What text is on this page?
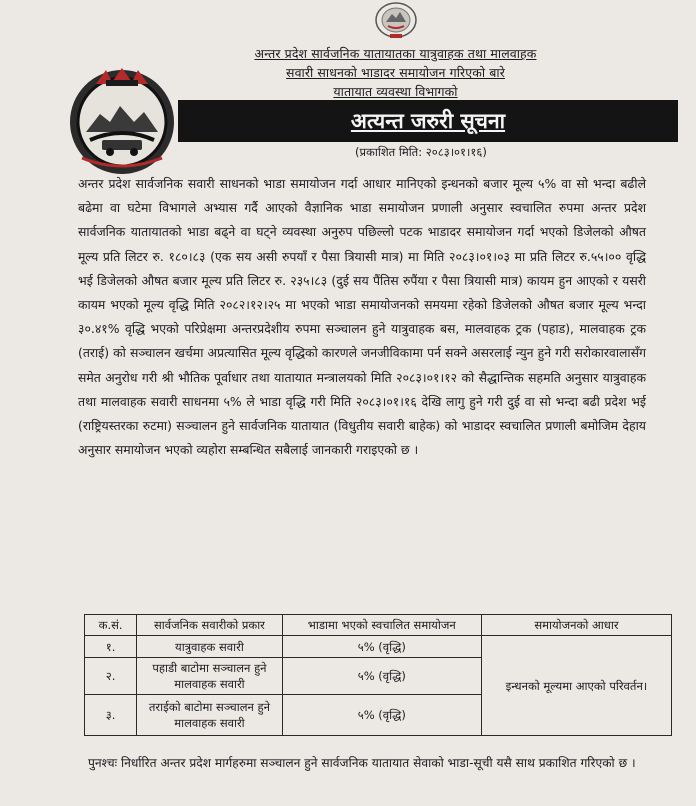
अन्तर प्रदेश सार्वजनिक यातायातका यात्रुवाहक तथा मालवाहक
सवारी साधनको भाडादर समायोजन गरिएको बारे
यातायात व्यवस्था विभागको
अत्यन्त जरुरी सूचना
(प्रकाशित मिति: २०८३।०१।१६)
अन्तर प्रदेश सार्वजनिक सवारी साधनको भाडा समायोजन गर्दा आधार मानिएको इन्धनको बजार मूल्य ५% वा सो भन्दा बढीले बढेमा वा घटेमा विभागले अभ्यास गर्दै आएको वैज्ञानिक भाडा समायोजन प्रणाली अनुसार स्वचालित रुपमा अन्तर प्रदेश सार्वजनिक यातायातको भाडा बढ्ने वा घट्ने व्यवस्था अनुरुप पछिल्लो पटक भाडादर समायोजन गर्दा भएको डिजेलको औषत मूल्य प्रति लिटर रु. १८०।८३ (एक सय असी रुपयाँ र पैसा त्रियासी मात्र) मा मिति २०८३।०१।०३ मा प्रति लिटर रु.५५।०० वृद्धि भई डिजेलको औषत बजार मूल्य प्रति लिटर रु. २३५।८३ (दुई सय पैंतिस रुपैंया र पैसा त्रियासी मात्र) कायम हुन आएको र यसरी कायम भएको मूल्य वृद्धि मिति २०८२।१२।२५ मा भएको भाडा समायोजनको समयमा रहेको डिजेलको औषत बजार मूल्य भन्दा ३०.४१% वृद्धि भएको परिप्रेक्षमा अन्तरप्रदेशीय रुपमा सञ्चालन हुने यात्रुवाहक बस, मालवाहक ट्रक (पहाड), मालवाहक ट्रक (तराई) को सञ्चालन खर्चमा अप्रत्यासित मूल्य वृद्धिको कारणले जनजीविकामा पर्न सक्ने असरलाई न्युन हुने गरी सरोकारवालासँग समेत अनुरोध गरी श्री भौतिक पूर्वाधार तथा यातायात मन्त्रालयको मिति २०८३।०१।१२ को सैद्धान्तिक सहमति अनुसार यात्रुवाहक तथा मालवाहक सवारी साधनमा ५% ले भाडा वृद्धि गरी मिति २०८३।०१।१६ देखि लागु हुने गरी दुई वा सो भन्दा बढी प्रदेश भई (राष्ट्रियस्तरका रुटमा) सञ्चालन हुने सार्वजनिक यातायात (विधुतीय सवारी बाहेक) को भाडादर स्वचालित प्रणाली बमोजिम देहाय अनुसार समायोजन भएको व्यहोरा सम्बन्धित सबैलाई जानकारी गराइएको छ ।
क.सं.	सार्वजनिक सवारीको प्रकार	भाडामा भएको स्वचालित समायोजन	समायोजनको आधार
१.	यात्रुवाहक सवारी	५% (वृद्धि)	इन्धनको मूल्यमा आएको परिवर्तन।
२.	पहाडी बाटोमा सञ्चालन हुने मालवाहक सवारी	५% (वृद्धि)	
३.	तराईको बाटोमा सञ्चालन हुने मालवाहक सवारी	५% (वृद्धि)	
पुनश्चः निर्धारित अन्तर प्रदेश मार्गहरुमा सञ्चालन हुने सार्वजनिक यातायात सेवाको भाडा-सूची यसै साथ प्रकाशित गरिएको छ ।
